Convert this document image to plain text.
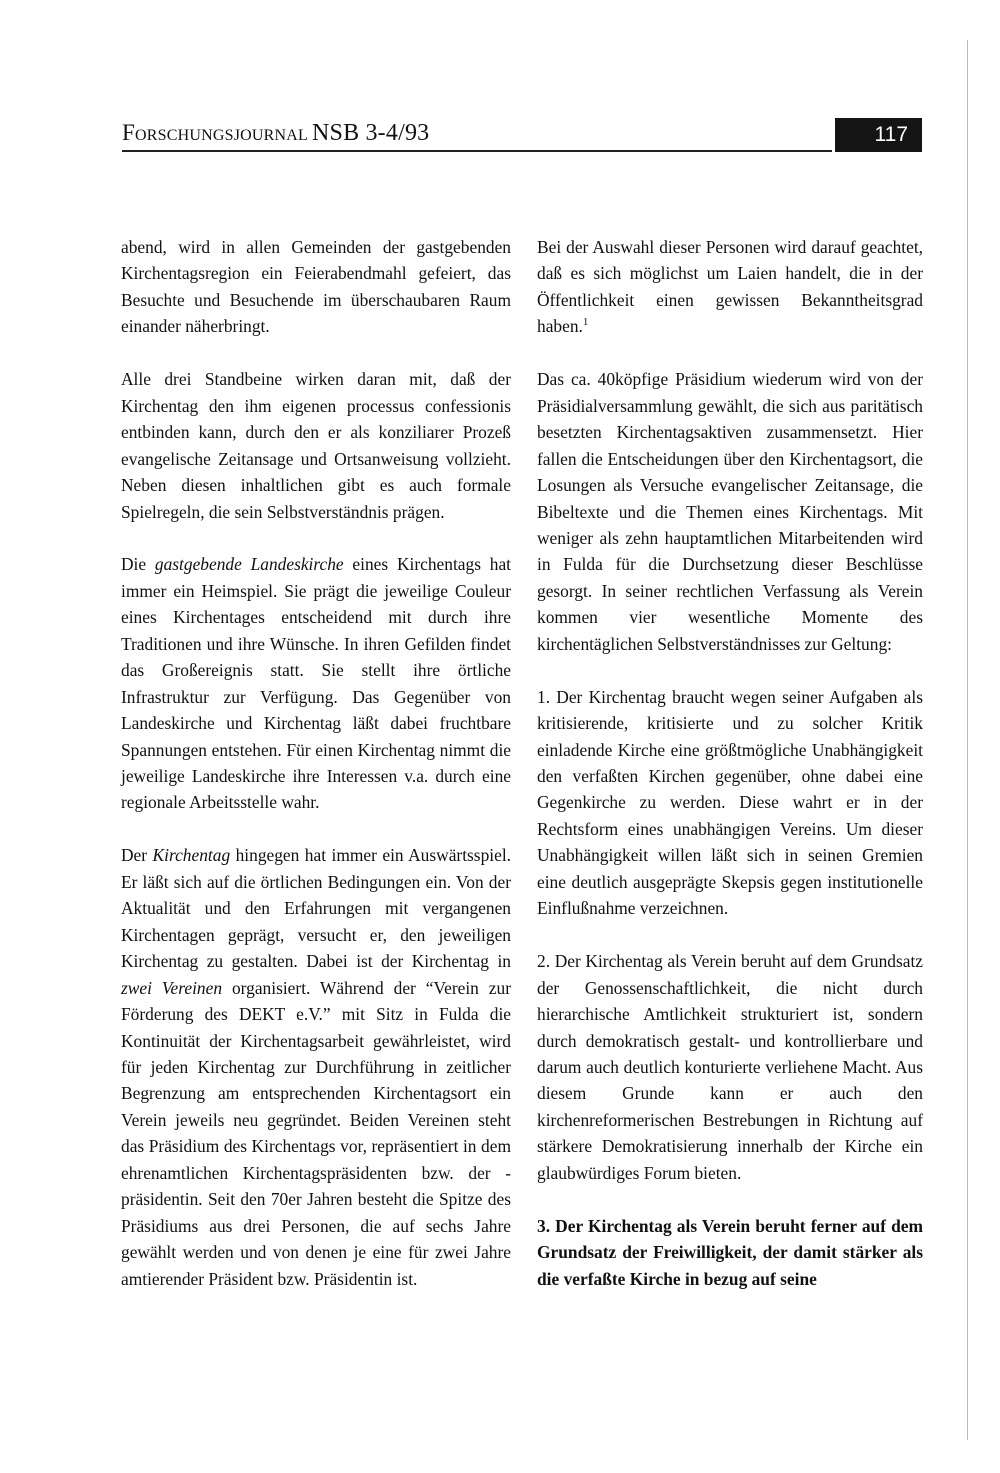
Forschungsjournal NSB 3-4/93	117

abend, wird in allen Gemeinden der gastgebenden Kirchentagsregion ein Feierabendmahl gefeiert, das Besuchte und Besuchende im überschaubaren Raum einander näherbringt.

Alle drei Standbeine wirken daran mit, daß der Kirchentag den ihm eigenen processus confessionis entbinden kann, durch den er als konziliarer Prozeß evangelische Zeitansage und Ortsanweisung vollzieht. Neben diesen inhaltlichen gibt es auch formale Spielregeln, die sein Selbstverständnis prägen.

Die gastgebende Landeskirche eines Kirchentags hat immer ein Heimspiel. Sie prägt die jeweilige Couleur eines Kirchentages entscheidend mit durch ihre Traditionen und ihre Wünsche. In ihren Gefilden findet das Großereignis statt. Sie stellt ihre örtliche Infrastruktur zur Verfügung. Das Gegenüber von Landeskirche und Kirchentag läßt dabei fruchtbare Spannungen entstehen. Für einen Kirchentag nimmt die jeweilige Landeskirche ihre Interessen v.a. durch eine regionale Arbeitsstelle wahr.

Der Kirchentag hingegen hat immer ein Auswärtsspiel. Er läßt sich auf die örtlichen Bedingungen ein. Von der Aktualität und den Erfahrungen mit vergangenen Kirchentagen geprägt, versucht er, den jeweiligen Kirchentag zu gestalten. Dabei ist der Kirchentag in zwei Vereinen organisiert. Während der “Verein zur Förderung des DEKT e.V.” mit Sitz in Fulda die Kontinuität der Kirchentagsarbeit gewährleistet, wird für jeden Kirchentag zur Durchführung in zeitlicher Begrenzung am entsprechenden Kirchentagsort ein Verein jeweils neu gegründet. Beiden Vereinen steht das Präsidium des Kirchentags vor, repräsentiert in dem ehrenamtlichen Kirchentagspräsidenten bzw. der -präsidentin. Seit den 70er Jahren besteht die Spitze des Präsidiums aus drei Personen, die auf sechs Jahre gewählt werden und von denen je eine für zwei Jahre amtierender Präsident bzw. Präsidentin ist.

Bei der Auswahl dieser Personen wird darauf geachtet, daß es sich möglichst um Laien handelt, die in der Öffentlichkeit einen gewissen Bekanntheitsgrad haben.$^1$

Das ca. 40köpfige Präsidium wiederum wird von der Präsidialversammlung gewählt, die sich aus paritätisch besetzten Kirchentagsaktiven zusammensetzt. Hier fallen die Entscheidungen über den Kirchentagsort, die Losungen als Versuche evangelischer Zeitansage, die Bibeltexte und die Themen eines Kirchentags. Mit weniger als zehn hauptamtlichen Mitarbeitenden wird in Fulda für die Durchsetzung dieser Beschlüsse gesorgt. In seiner rechtlichen Verfassung als Verein kommen vier wesentliche Momente des kirchentäglichen Selbstverständnisses zur Geltung:

1. Der Kirchentag braucht wegen seiner Aufgaben als kritisierende, kritisierte und zu solcher Kritik einladende Kirche eine größtmögliche Unabhängigkeit den verfaßten Kirchen gegenüber, ohne dabei eine Gegenkirche zu werden. Diese wahrt er in der Rechtsform eines unabhängigen Vereins. Um dieser Unabhängigkeit willen läßt sich in seinen Gremien eine deutlich ausgeprägte Skepsis gegen institutionelle Einflußnahme verzeichnen.

2. Der Kirchentag als Verein beruht auf dem Grundsatz der Genossenschaftlichkeit, die nicht durch hierarchische Amtlichkeit strukturiert ist, sondern durch demokratisch gestalt- und kontrollierbare und darum auch deutlich konturierte verliehene Macht. Aus diesem Grunde kann er auch den kirchenreformerischen Bestrebungen in Richtung auf stärkere Demokratisierung innerhalb der Kirche ein glaubwürdiges Forum bieten.

3. Der Kirchentag als Verein beruht ferner auf dem Grundsatz der Freiwilligkeit, der damit stärker als die verfaßte Kirche in bezug auf seine
